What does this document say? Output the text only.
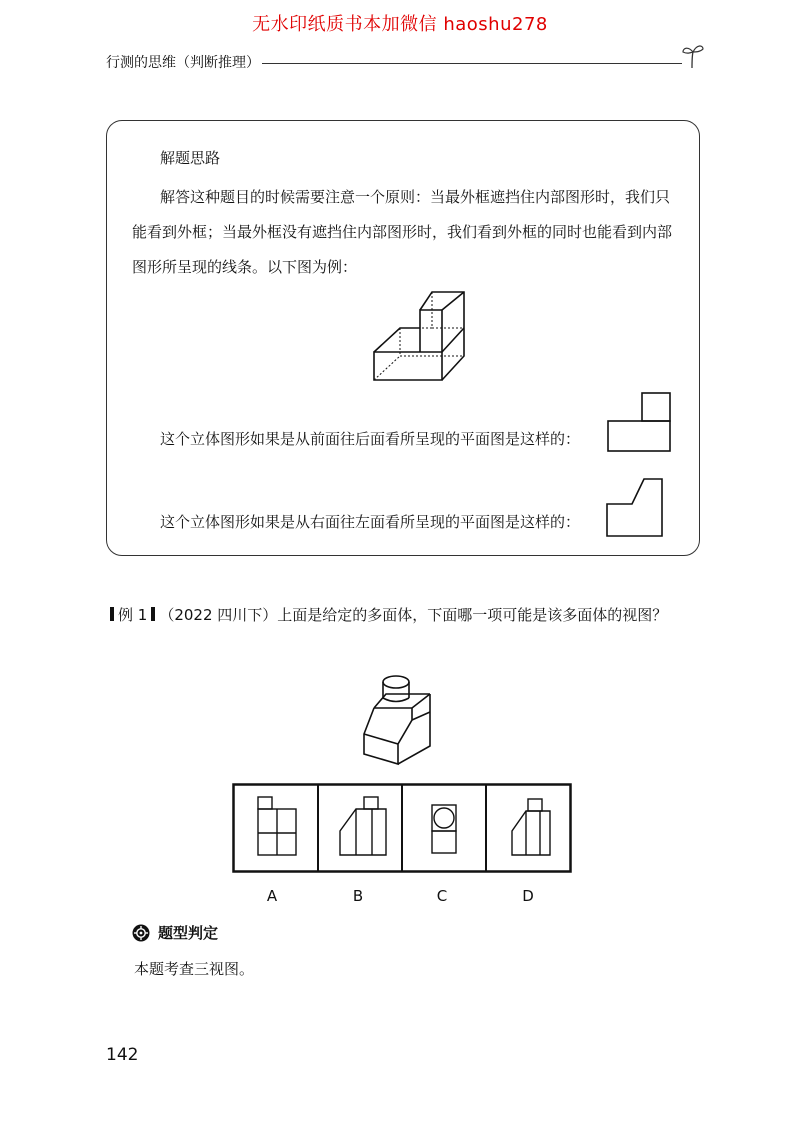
无水印纸质书本加微信 haoshu278
行测的思维（判断推理）
解题思路
解答这种题目的时候需要注意一个原则：当最外框遮挡住内部图形时，我们只能看到外框；当最外框没有遮挡住内部图形时，我们看到外框的同时也能看到内部图形所呈现的线条。以下图为例：
这个立体图形如果是从前面往后面看所呈现的平面图是这样的：
这个立体图形如果是从右面往左面看所呈现的平面图是这样的：
例 1 （2022 四川下）上面是给定的多面体，下面哪一项可能是该多面体的视图？
A	B	C	D
题型判定
本题考查三视图。
142
